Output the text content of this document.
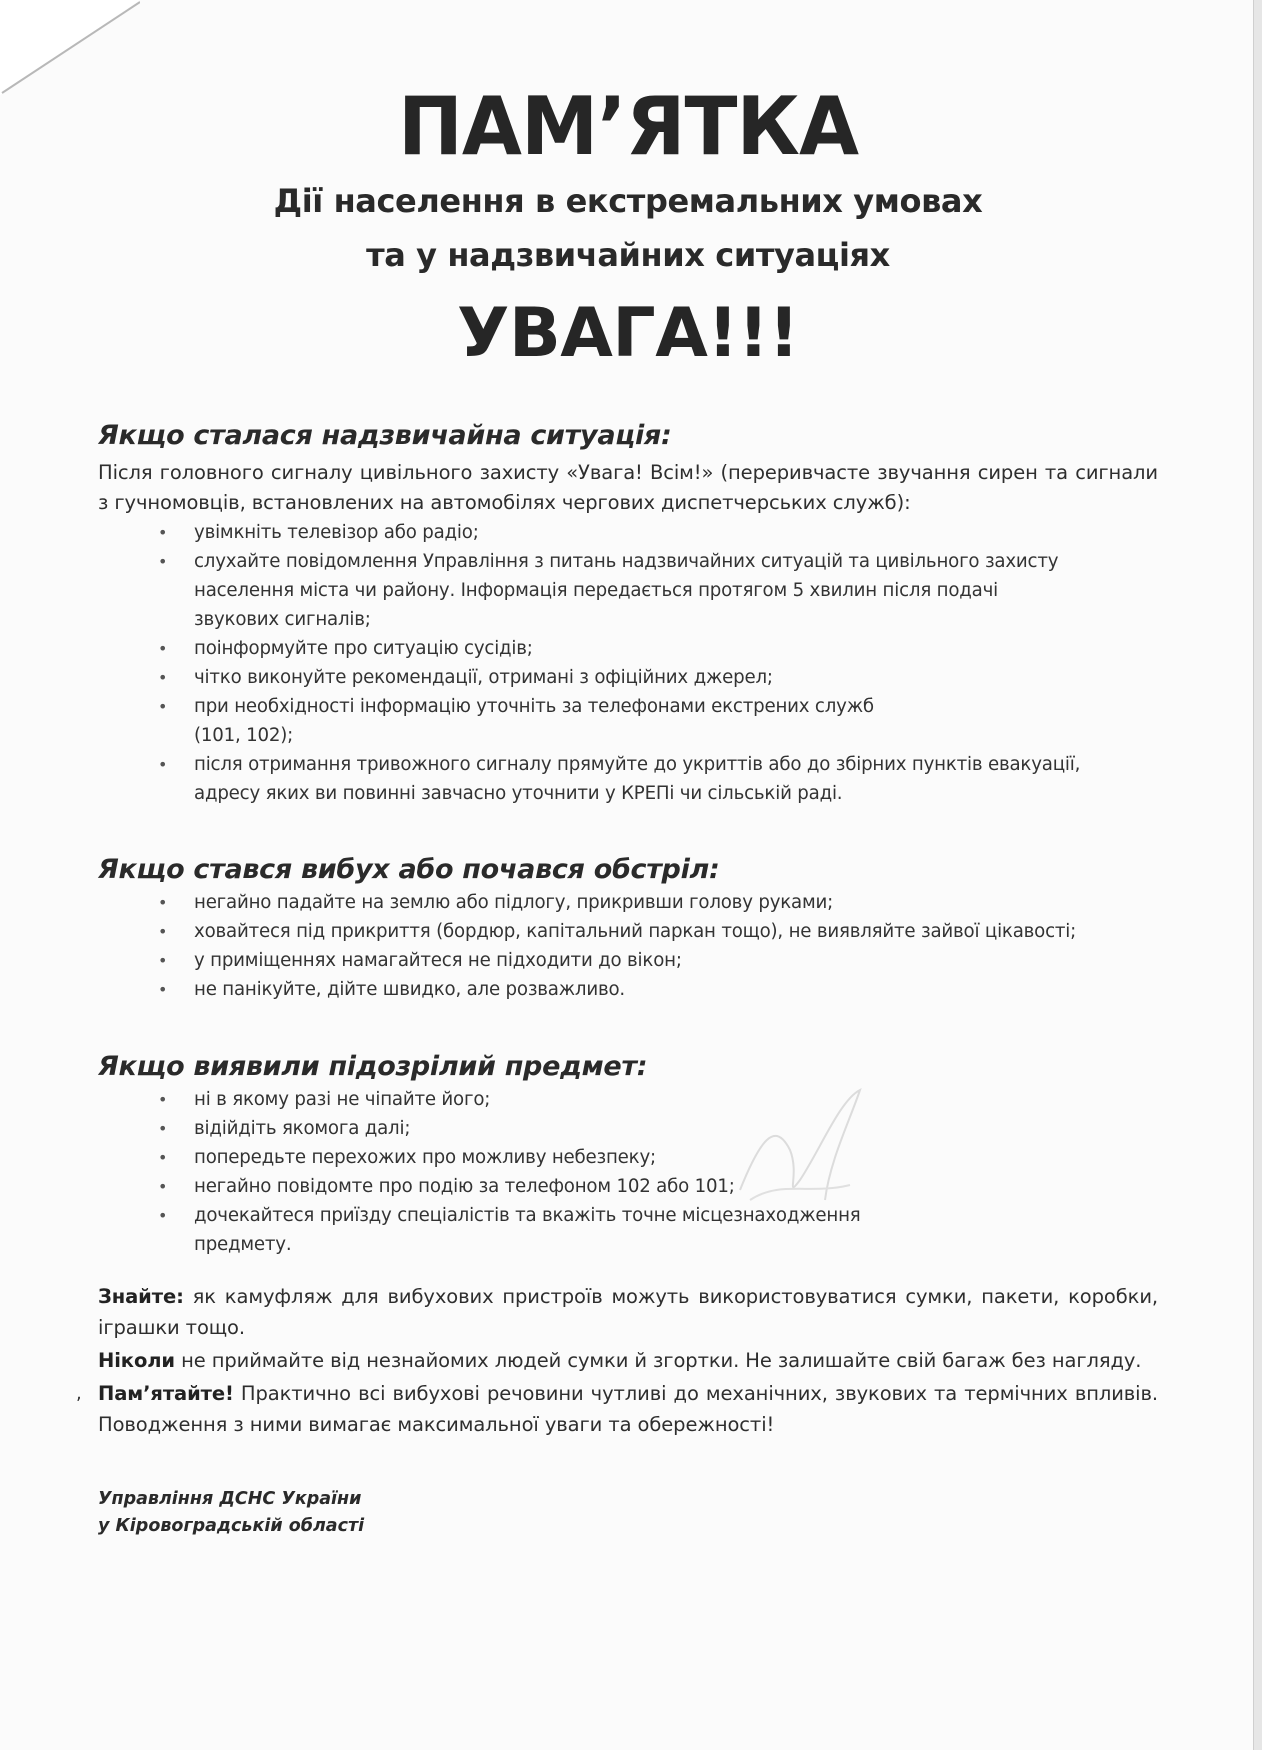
ПАМ’ЯТКА
Дії населення в екстремальних умовах
та у надзвичайних ситуаціях
УВАГА!!!
Якщо сталася надзвичайна ситуація:

Після головного сигналу цивільного захисту «Увага! Всім!» (переривчасте звучання сирен та сигнали з гучномовців, встановлених на автомобілях чергових диспетчерських служб):

• увімкніть телевізор або радіо;
• слухайте повідомлення Управління з питань надзвичайних ситуацій та цивільного захисту населення міста чи району. Інформація передається протягом 5 хвилин після подачі звукових сигналів;
• поінформуйте про ситуацію сусідів;
• чітко виконуйте рекомендації, отримані з офіційних джерел;
• при необхідності інформацію уточніть за телефонами екстрених служб (101, 102);
• після отримання тривожного сигналу прямуйте до укриттів або до збірних пунктів евакуації, адресу яких ви повинні завчасно уточнити у КРЕПі чи сільській раді.
Якщо стався вибух або почався обстріл:
• негайно падайте на землю або підлогу, прикривши голову руками;
• ховайтеся під прикриття (бордюр, капітальний паркан тощо), не виявляйте зайвої цікавості;
• у приміщеннях намагайтеся не підходити до вікон;
• не панікуйте, дійте швидко, але розважливо.
Якщо виявили підозрілий предмет:
• ні в якому разі не чіпайте його;
• відійдіть якомога далі;
• попередьте перехожих про можливу небезпеку;
• негайно повідомте про подію за телефоном 102 або 101;
• дочекайтеся приїзду спеціалістів та вкажіть точне місцезнаходження предмету.

Знайте: як камуфляж для вибухових пристроїв можуть використовуватися сумки, пакети, коробки, іграшки тощо.

Ніколи не приймайте від незнайомих людей сумки й згортки. Не залишайте свій багаж без нагляду.

, Пам’ятайте! Практично всі вибухові речовини чутливі до механічних, звукових та термічних впливів. Поводження з ними вимагає максимальної уваги та обережності!

Управління ДСНС України
у Кіровоградській області
